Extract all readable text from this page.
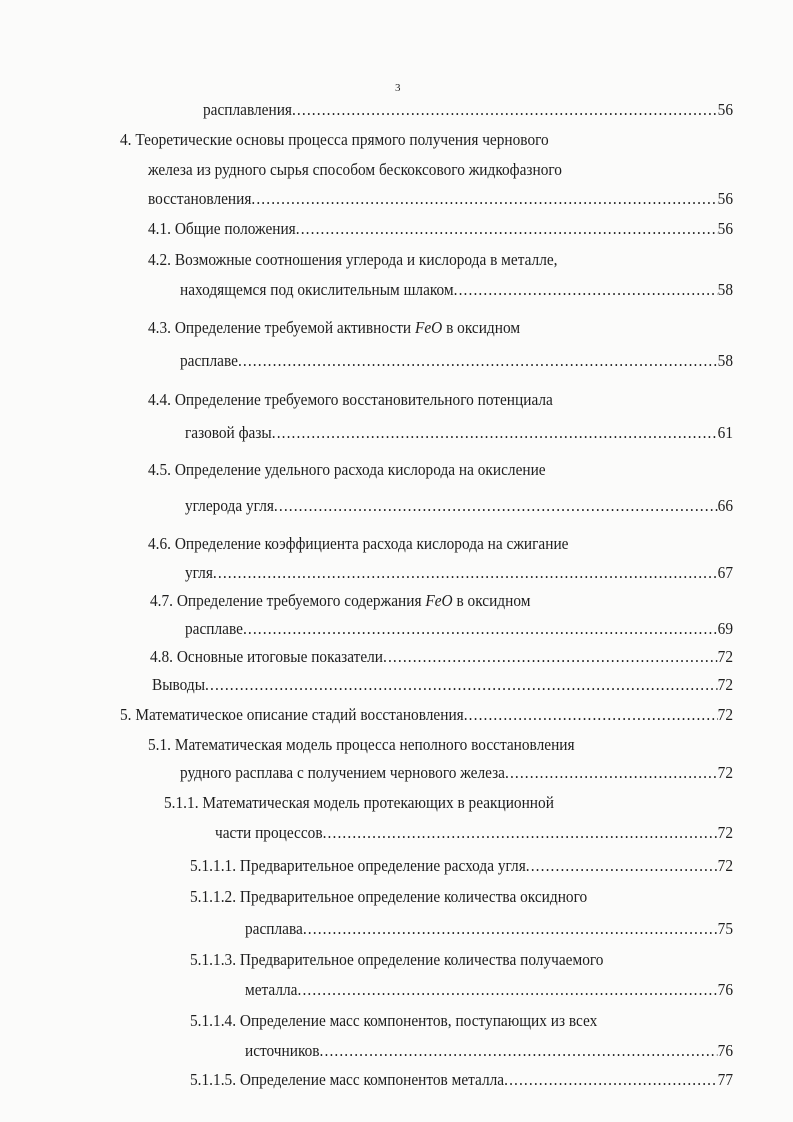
3
расплавления .....	56
4. Теоретические основы процесса прямого получения чернового
железа из рудного сырья способом бескоксового жидкофазного
восстановления .....	56
4.1. Общие положения .....	56
4.2. Возможные соотношения углерода и кислорода в металле,
находящемся под окислительным шлаком .....	58
4.3. Определение требуемой активности FeO в оксидном
расплаве .....	58
4.4. Определение требуемого восстановительного потенциала
газовой фазы .....	61
4.5. Определение удельного расхода кислорода на окисление
углерода угля .....	66
4.6. Определение коэффициента расхода кислорода на сжигание
угля .....	67
4.7. Определение требуемого содержания FeO в оксидном
расплаве .....	69
4.8. Основные итоговые показатели .....	72
Выводы .....	72
5. Математическое описание стадий восстановления .....	72
5.1. Математическая модель процесса неполного восстановления
рудного расплава с получением чернового железа .....	72
5.1.1. Математическая модель протекающих в реакционной
части процессов .....	72
5.1.1.1. Предварительное определение расхода угля .....	72
5.1.1.2. Предварительное определение количества оксидного
расплава .....	75
5.1.1.3. Предварительное определение количества получаемого
металла .....	76
5.1.1.4. Определение масс компонентов, поступающих из всех
источников .....	76
5.1.1.5. Определение масс компонентов металла .....	77
